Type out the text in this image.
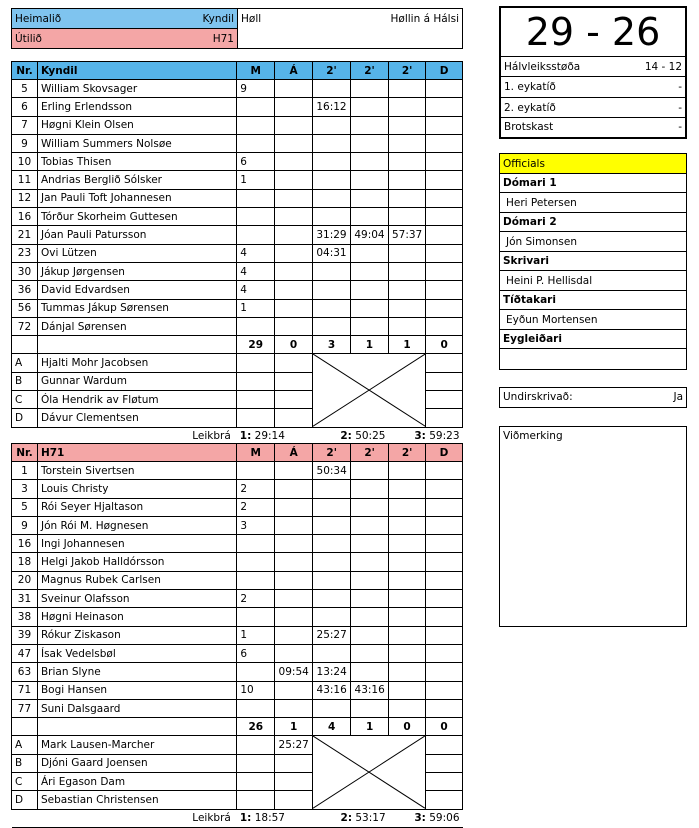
Heimalið Kyndil	Høll Høllin á Hálsi

Útilið H71	

Nr.	Kyndil	M	Á	2'	2'	2'	D
5	William Skovsager	9					
6	Erling Erlendsson			16:12			
7	Høgni Klein Olsen						
9	William Summers Nolsøe						
10	Tobias Thisen	6					
11	Andrias Berglið Sólsker	1					
12	Jan Pauli Toft Johannesen						
16	Tórður Skorheim Guttesen						
21	Jóan Pauli Patursson			31:29	49:04	57:37	
23	Ovi Lützen	4		04:31			
30	Jákup Jørgensen	4					
36	David Edvardsen	4					
56	Tummas Jákup Sørensen	1					
72	Dánjal Sørensen						
		29	0	3	1	1	0
A	Hjalti Mohr Jacobsen			

B	Gunnar Wardum						
C	Óla Hendrik av Fløtum						
D	Dávur Clementsen						
Leikbrá		1: 29:14		2: 50:25		3: 59:23	
Nr.	H71	M	Á	2'	2'	2'	D
1	Torstein Sivertsen			50:34			
3	Louis Christy	2					
5	Rói Seyer Hjaltason	2					
9	Jón Rói M. Høgnesen	3					
16	Ingi Johannesen						
18	Helgi Jakob Halldórsson						
20	Magnus Rubek Carlsen						
31	Sveinur Olafsson	2					
38	Høgni Heinason						
39	Rókur Ziskason	1		25:27			
47	Ísak Vedelsbøl	6					
63	Brian Slyne		09:54	13:24			
71	Bogi Hansen	10		43:16	43:16		
77	Suni Dalsgaard						
		26	1	4	1	0	0
A	Mark Lausen-Marcher		25:27	

B	Djóni Gaard Joensen						
C	Ári Egason Dam						
D	Sebastian Christensen						
Leikbrá		1: 18:57		2: 53:17		3: 59:06	
29 - 26
Hálvleiksstøða	14 - 12
1. eykatíð	-
2. eykatíð	-
Brotskast	-
Officials
Dómari 1
Heri Petersen
Dómari 2
Jón Simonsen
Skrivari
Heini P. Hellisdal
Tíðtakari
Eyðun Mortensen
Eygleiðari
Undirskrivað:	Ja
Viðmerking
